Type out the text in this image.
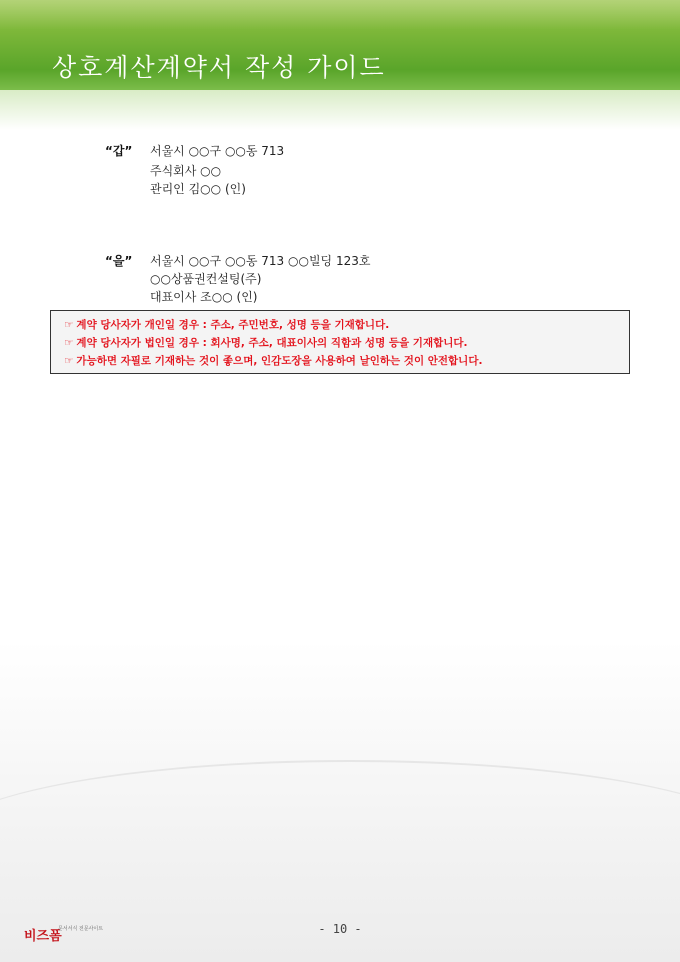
상호계산계약서 작성 가이드
“갑” 서울시 ○○구 ○○동 713
주식회사 ○○
관리인 김○○ (인)
“을” 서울시 ○○구 ○○동 713 ○○빌딩 123호
○○상품권컨설팅(주)
대표이사 조○○ (인)
☞ 계약 당사자가 개인일 경우 : 주소, 주민번호, 성명 등을 기재합니다.
☞ 계약 당사자가 법인일 경우 : 회사명, 주소, 대표이사의 직함과 성명 등을 기재합니다.
☞ 가능하면 자필로 기재하는 것이 좋으며, 인감도장을 사용하여 날인하는 것이 안전합니다.
- 10 -
비즈폼
문서서식 전문사이트
